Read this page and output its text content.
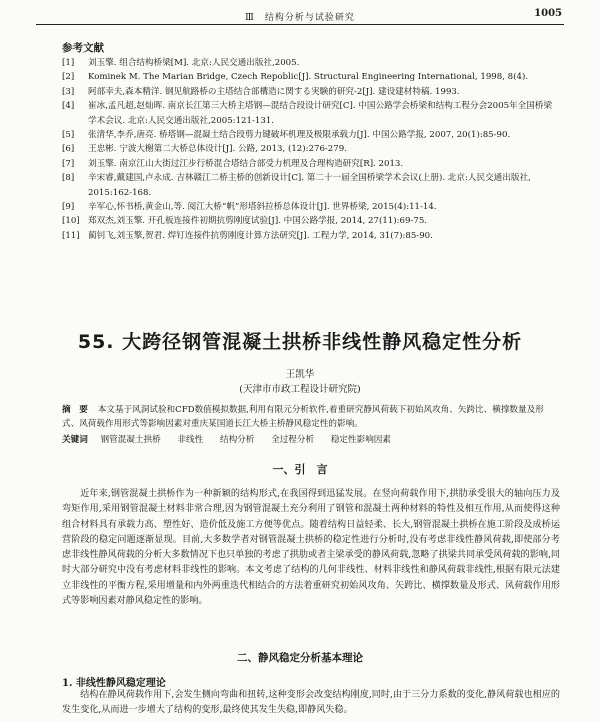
Ⅲ　结构分析与试验研究	1005
参考文献
[1]	刘玉擎. 组合结构桥梁[M]. 北京:人民交通出版社,2005.
[2]	Kominek M. The Marian Bridge, Czech Repoblic[J]. Structural Engineering International, 1998, 8(4).
[3]	阿部幸夫,森本精洋. 钢见航路桥の主塔结合部構造に関する実験的研究-2[J]. 建设建材特稿. 1993.
[4]	崔冰,孟凡超,赵灿晖. 南京长江第三大桥主塔钢—混结合段设计研究[C]. 中国公路学会桥梁和结构工程分会2005年全国桥梁学术会议. 北京:人民交通出版社,2005:121-131.
[5]	张清华,李乔,唐亮. 桥塔钢—混凝土结合段剪力键破坏机理及极限承载力[J]. 中国公路学报, 2007, 20(1):85-90.
[6]	王忠彬. 宁波大榭第二大桥总体设计[J]. 公路, 2013, (12):276-279.
[7]	刘玉擎. 南京江山大街过江步行桥混合塔结合部受力机理及合理构造研究[R]. 2013.
[8]	辛宋睿,戴建国,卢永成. 吉林赣江二桥主桥的创新设计[C]. 第二十一届全国桥梁学术会议(上册). 北京:人民交通出版社, 2015:162-168.
[9]	辛军心,怀书桥,黄金山,等. 阅江大桥“帆”形塔斜拉桥总体设计[J]. 世界桥梁, 2015(4):11-14.
[10] 郑双杰,刘玉擎. 开孔板连接件初期抗剪刚度试验[J]. 中国公路学报, 2014, 27(11):69-75.
[11] 蔺钊飞,刘玉擎,贺君. 焊钉连接件抗剪刚度计算方法研究[J]. 工程力学, 2014, 31(7):85-90.
55. 大跨径钢管混凝土拱桥非线性静风稳定性分析
王凯华
(天津市市政工程设计研究院)
摘　要 本文基于风洞试验和CFD数值模拟数据,利用有限元分析软件,着重研究静风荷载下初始风攻角、矢跨比、横撑数量及形式、风荷载作用形式等影响因素对重庆某国道长江大桥主桥静风稳定性的影响。
关键词 钢管混凝土拱桥 非线性 结构分析 全过程分析 稳定性影响因素
一、引　言
近年来,钢管混凝土拱桥作为一种新颖的结构形式,在我国得到迅猛发展。在竖向荷载作用下,拱肋承受很大的轴向压力及弯矩作用,采用钢管混凝土材料非常合理,因为钢管混凝土充分利用了钢管和混凝土两种材料的特性及相互作用,从而使得这种组合材料具有承载力高、塑性好、造价低及施工方便等优点。随着结构日益轻柔、长大,钢管混凝土拱桥在施工阶段及成桥运营阶段的稳定问题逐渐显现。目前,大多数学者对钢管混凝土拱桥的稳定性进行分析时,没有考虑非线性静风荷载,即使部分考虑非线性静风荷载的分析大多数情况下也只单独的考虑了拱肋或者主梁承受的静风荷载,忽略了拱梁共同承受风荷载的影响,同时大部分研究中没有考虑材料非线性的影响。本文考虑了结构的几何非线性、材料非线性和静风荷载非线性,根据有限元法建立非线性的平衡方程,采用增量和内外两重迭代相结合的方法着重研究初始风攻角、矢跨比、横撑数量及形式、风荷载作用形式等影响因素对静风稳定性的影响。
二、静风稳定分析基本理论
1. 非线性静风稳定理论
结构在静风荷载作用下,会发生侧向弯曲和扭转,这种变形会改变结构刚度,同时,由于三分力系数的变化,静风荷载也相应的发生变化,从而进一步增大了结构的变形,最终使其发生失稳,即静风失稳。
